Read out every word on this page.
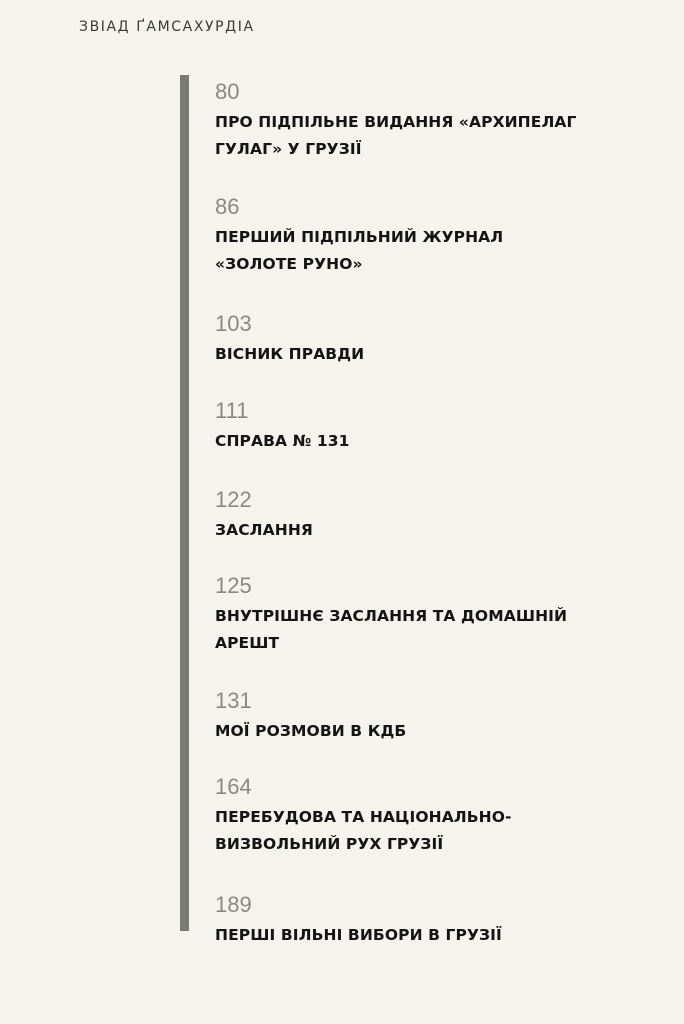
ЗВІАД ҐАМСАХУРДІА
80
ПРО ПІДПІЛЬНЕ ВИДАННЯ «АРХИПЕЛАГ
ГУЛАГ» У ГРУЗІЇ
86
ПЕРШИЙ ПІДПІЛЬНИЙ ЖУРНАЛ
«ЗОЛОТЕ РУНО»
103
ВІСНИК ПРАВДИ
111
СПРАВА № 131
122
ЗАСЛАННЯ
125
ВНУТРІШНЄ ЗАСЛАННЯ ТА ДОМАШНІЙ
АРЕШТ
131
МОЇ РОЗМОВИ В КДБ
164
ПЕРЕБУДОВА ТА НАЦІОНАЛЬНО-
ВИЗВОЛЬНИЙ РУХ ГРУЗІЇ
189
ПЕРШІ ВІЛЬНІ ВИБОРИ В ГРУЗІЇ
